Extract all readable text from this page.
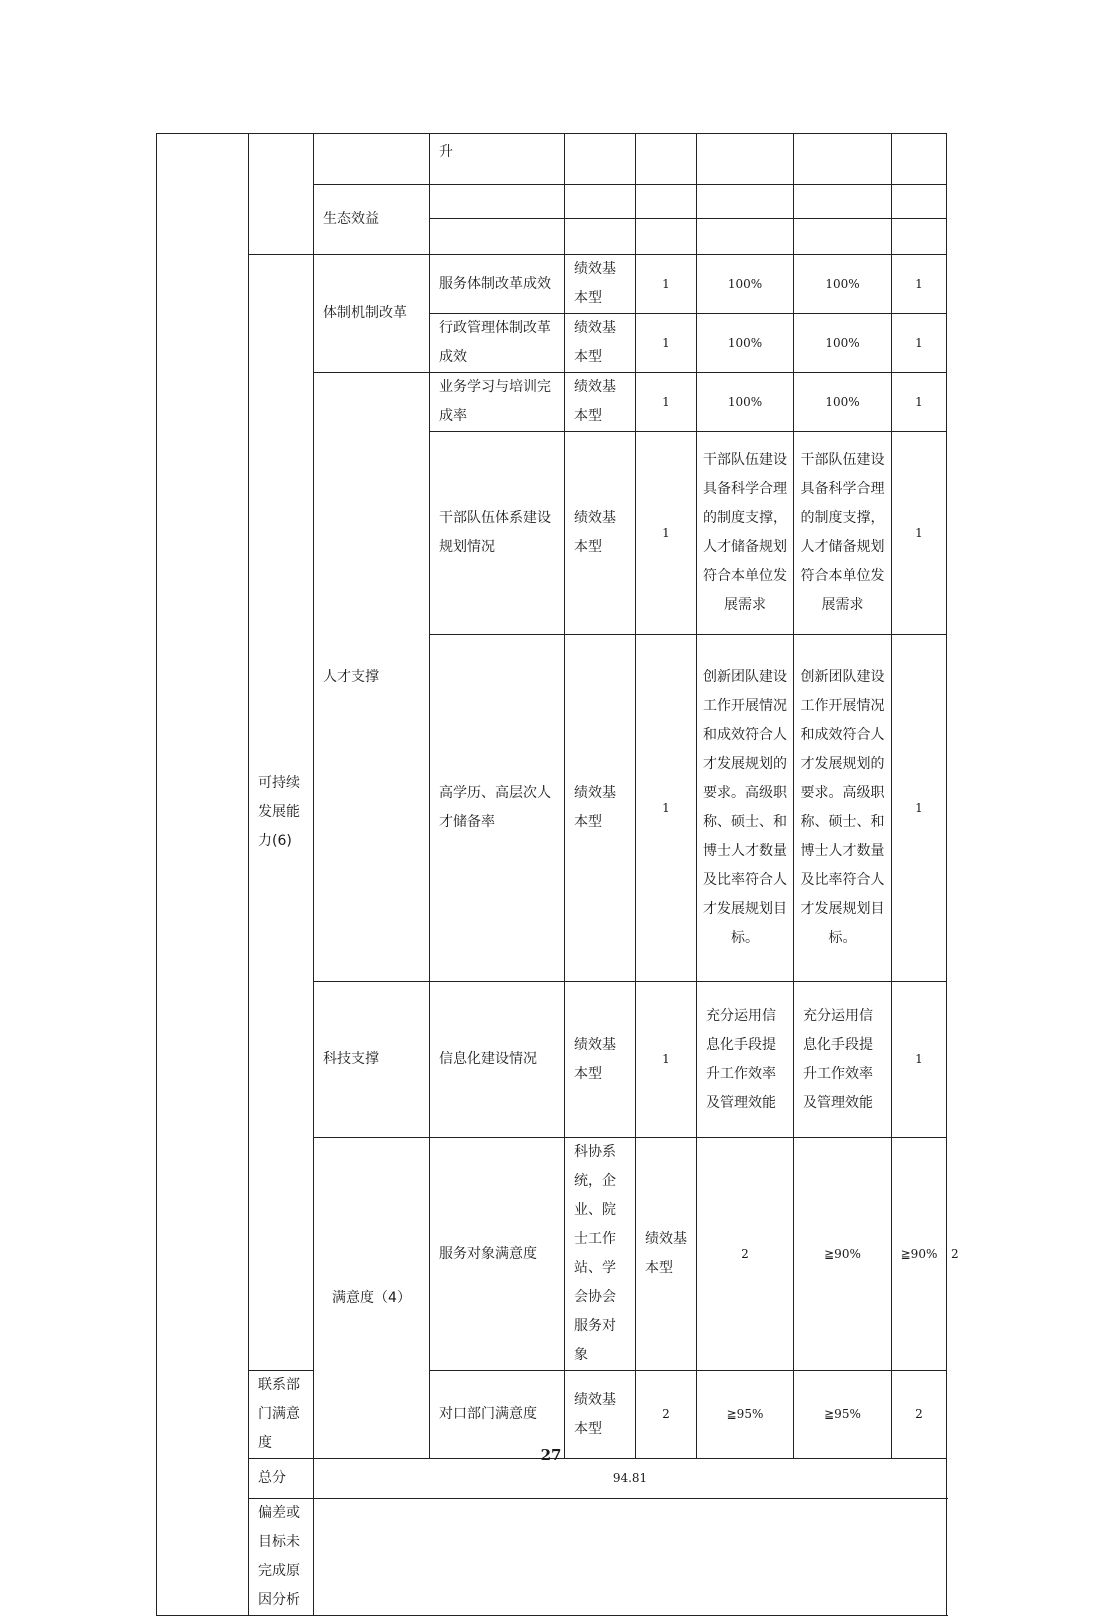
			升						

		生态效益							

	可持续发展能力(6)	体制机制改革	服务体制改革成效	绩效基本型	1	100%	100%	1	

			行政管理体制改革成效	绩效基本型	1	100%	100%	1	

		人才支撑	业务学习与培训完成率	绩效基本型	1	100%	100%	1	

			干部队伍体系建设规划情况	绩效基本型	1	干部队伍建设具备科学合理的制度支撑，人才储备规划符合本单位发展需求	干部队伍建设具备科学合理的制度支撑，人才储备规划符合本单位发展需求	1	

			高学历、高层次人才储备率	绩效基本型	1	创新团队建设工作开展情况和成效符合人才发展规划的要求。高级职称、硕士、和博士人才数量及比率符合人才发展规划目标。	创新团队建设工作开展情况和成效符合人才发展规划的要求。高级职称、硕士、和博士人才数量及比率符合人才发展规划目标。	1	

		科技支撑	信息化建设情况	绩效基本型	1	充分运用信息化手段提升工作效率及管理效能	充分运用信息化手段提升工作效率及管理效能	1	

		满意度（4）	服务对象满意度	科协系统，企业、院士工作站、学会协会服务对象	绩效基本型	2	≧90%	≧90%	2

	联系部门满意度		对口部门满意度	绩效基本型	2	≧95%	≧95%	2	

	总分	94.81							

	偏差或目标未完成原因分析								

27
